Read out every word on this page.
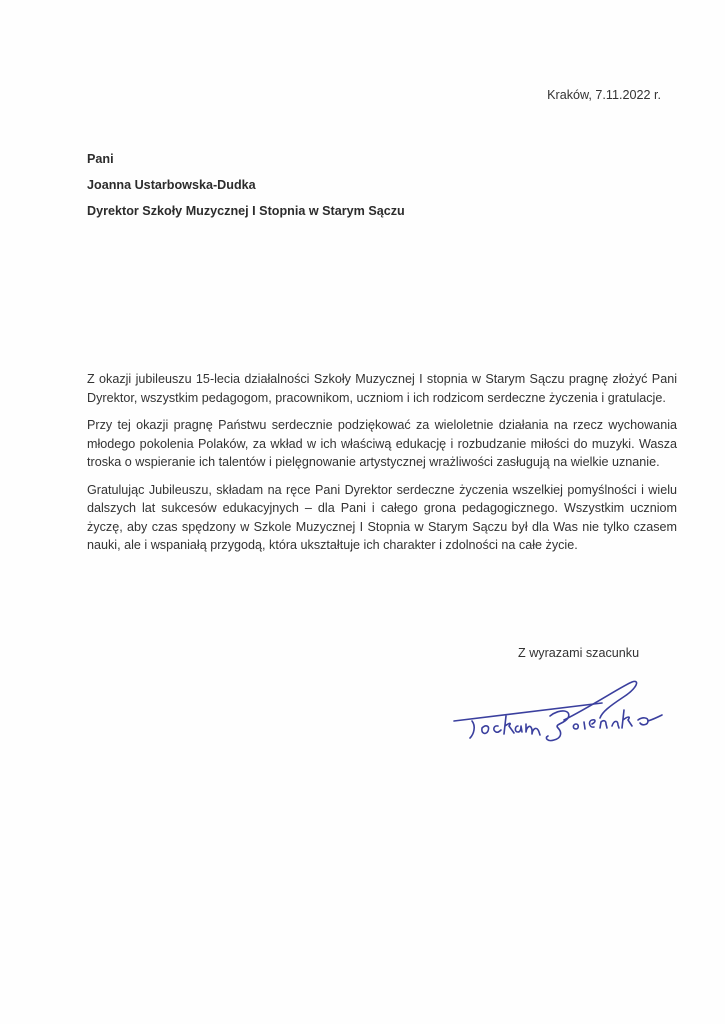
Kraków, 7.11.2022 r.
Pani
Joanna Ustarbowska-Dudka
Dyrektor Szkoły Muzycznej I Stopnia w Starym Sączu

Z okazji jubileuszu 15-lecia działalności Szkoły Muzycznej I stopnia w Starym Sączu pragnę złożyć Pani Dyrektor, wszystkim pedagogom, pracownikom, uczniom i ich rodzicom serdeczne życzenia i gratulacje.

Przy tej okazji pragnę Państwu serdecznie podziękować za wieloletnie działania na rzecz wychowania młodego pokolenia Polaków, za wkład w ich właściwą edukację i rozbudzanie miłości do muzyki. Wasza troska o wspieranie ich talentów i pielęgnowanie artystycznej wrażliwości zasługują na wielkie uznanie.

Gratulując Jubileuszu, składam na ręce Pani Dyrektor serdeczne życzenia wszelkiej pomyślności i wielu dalszych lat sukcesów edukacyjnych – dla Pani i całego grona pedagogicznego. Wszystkim uczniom życzę, aby czas spędzony w Szkole Muzycznej I Stopnia w Starym Sączu był dla Was nie tylko czasem nauki, ale i wspaniałą przygodą, która ukształtuje ich charakter i zdolności na całe życie.

Z wyrazami szacunku
